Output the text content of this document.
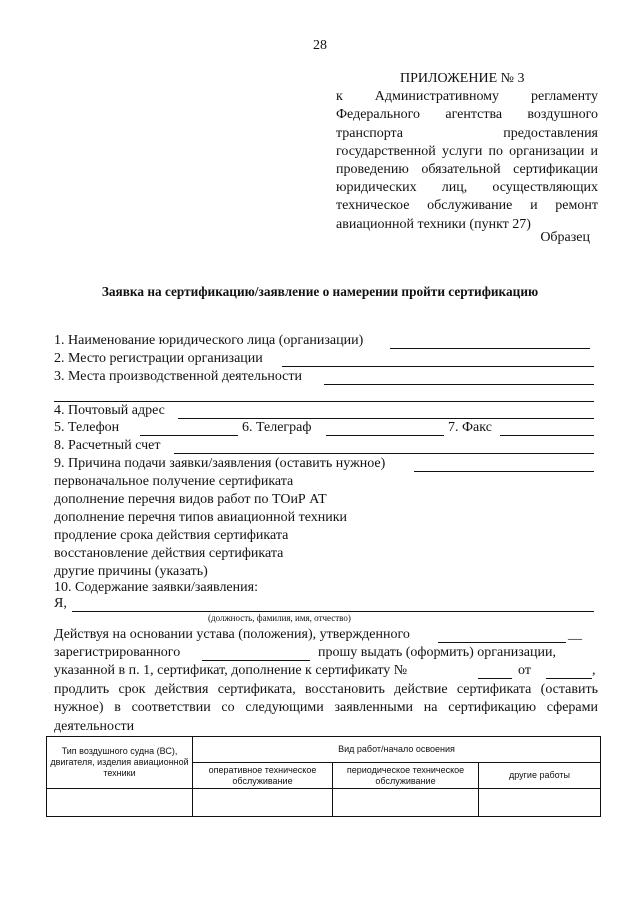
28
ПРИЛОЖЕНИЕ № 3
к Административному регламенту
Федерального агентства воздушного
транспорта предоставления
государственной услуги по организации и
проведению обязательной сертификации
юридических лиц, осуществляющих
техническое обслуживание и ремонт
авиационной техники (пункт 27)
Образец
Заявка на сертификацию/заявление о намерении пройти сертификацию
1. Наименование юридического лица (организации)
2. Место регистрации организации
3. Места производственной деятельности
4. Почтовый адрес
5. Телефон	6. Телеграф	7. Факс
8. Расчетный счет
9. Причина подачи заявки/заявления (оставить нужное)
первоначальное получение сертификата
дополнение перечня видов работ по ТОиР АТ
дополнение перечня типов авиационной техники
продление срока действия сертификата
восстановление действия сертификата
другие причины (указать)
10. Содержание заявки/заявления:
Я,
(должность, фамилия, имя, отчество)
Действуя на основании устава (положения), утвержденного	__
зарегистрированного	прошу выдать (оформить) организации,
указанной в п. 1, сертификат, дополнение к сертификату №	от	,
продлить срок действия сертификата, восстановить действие сертификата (оставить
нужное) в соответствии со следующими заявленными на сертификацию сферами
деятельности
Тип воздушного судна (ВС), двигателя, изделия авиационной техники	Вид работ/начало освоения		
	оперативное техническое обслуживание	периодическое техническое обслуживание	другие работы
